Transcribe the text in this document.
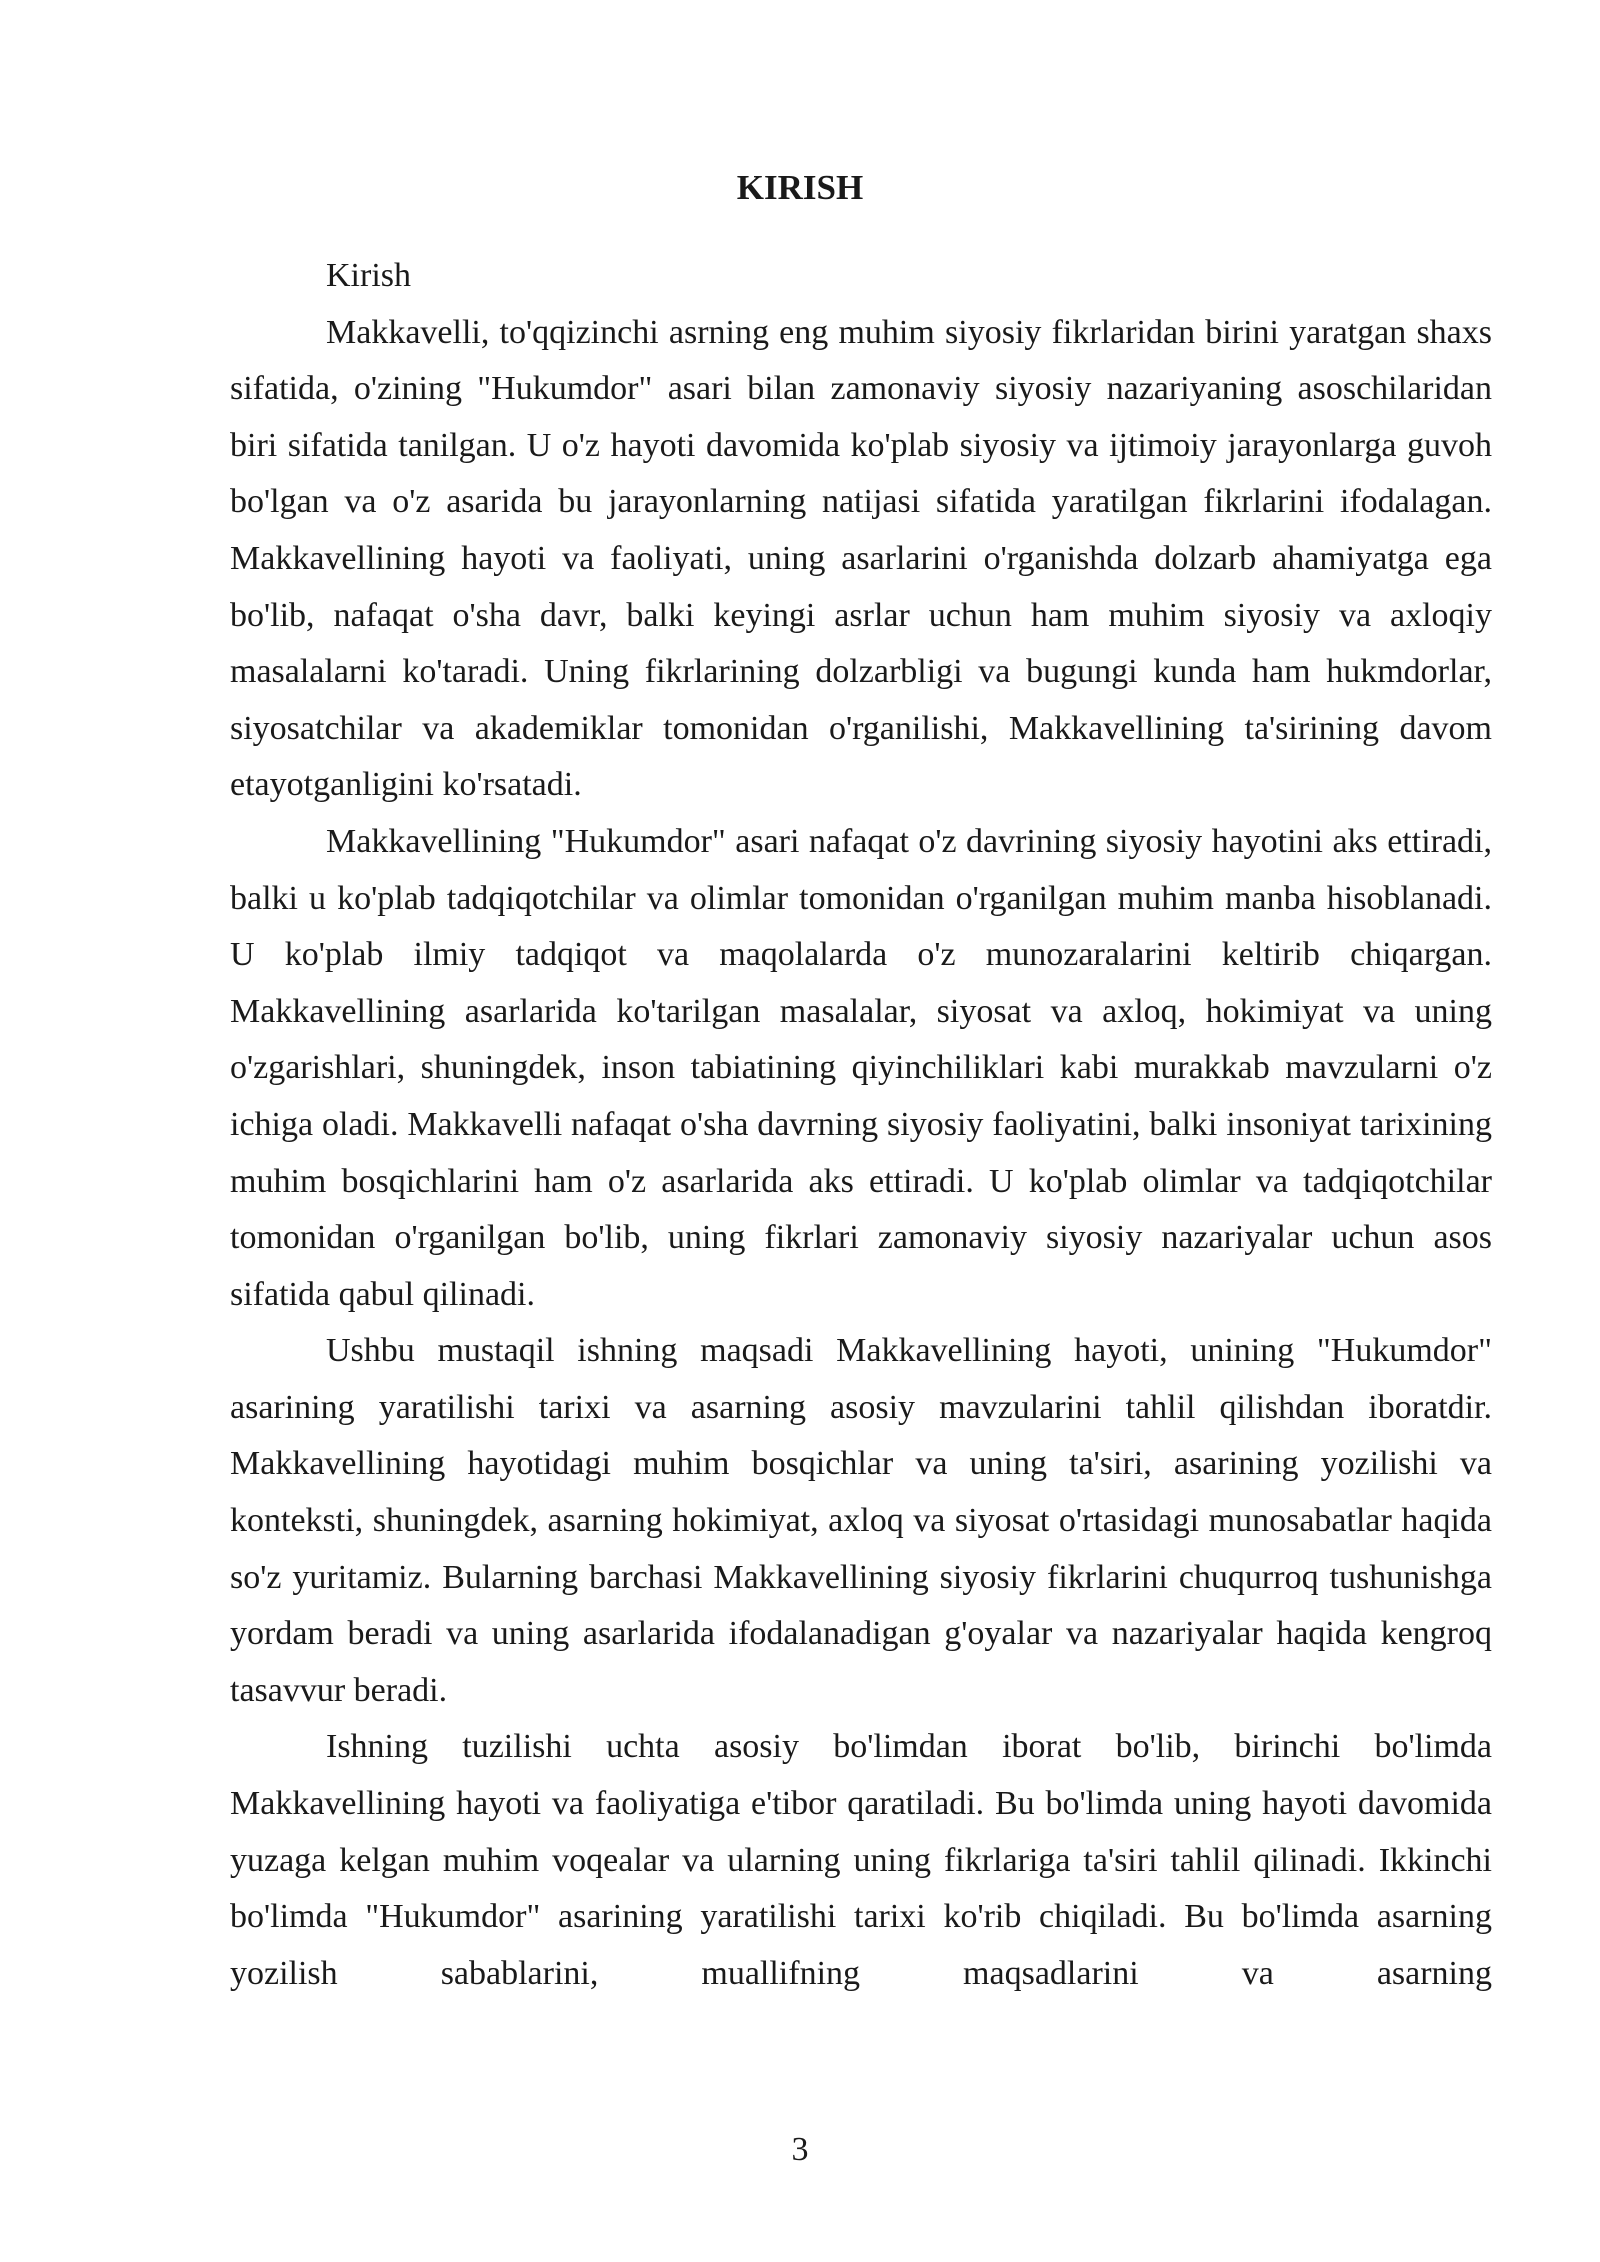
KIRISH

Kirish

Makkavelli, to'qqizinchi asrning eng muhim siyosiy fikrlaridan birini yaratgan shaxs sifatida, o'zining "Hukumdor" asari bilan zamonaviy siyosiy nazariyaning asoschilaridan biri sifatida tanilgan. U o'z hayoti davomida ko'plab siyosiy va ijtimoiy jarayonlarga guvoh bo'lgan va o'z asarida bu jarayonlarning natijasi sifatida yaratilgan fikrlarini ifodalagan. Makkavellining hayoti va faoliyati, uning asarlarini o'rganishda dolzarb ahamiyatga ega bo'lib, nafaqat o'sha davr, balki keyingi asrlar uchun ham muhim siyosiy va axloqiy masalalarni ko'taradi. Uning fikrlarining dolzarbligi va bugungi kunda ham hukmdorlar, siyosatchilar va akademiklar tomonidan o'rganilishi, Makkavellining ta'sirining davom etayotganligini ko'rsatadi.

Makkavellining "Hukumdor" asari nafaqat o'z davrining siyosiy hayotini aks ettiradi, balki u ko'plab tadqiqotchilar va olimlar tomonidan o'rganilgan muhim manba hisoblanadi. U ko'plab ilmiy tadqiqot va maqolalarda o'z munozaralarini keltirib chiqargan. Makkavellining asarlarida ko'tarilgan masalalar, siyosat va axloq, hokimiyat va uning o'zgarishlari, shuningdek, inson tabiatining qiyinchiliklari kabi murakkab mavzularni o'z ichiga oladi. Makkavelli nafaqat o'sha davrning siyosiy faoliyatini, balki insoniyat tarixining muhim bosqichlarini ham o'z asarlarida aks ettiradi. U ko'plab olimlar va tadqiqotchilar tomonidan o'rganilgan bo'lib, uning fikrlari zamonaviy siyosiy nazariyalar uchun asos sifatida qabul qilinadi.

Ushbu mustaqil ishning maqsadi Makkavellining hayoti, unining "Hukumdor" asarining yaratilishi tarixi va asarning asosiy mavzularini tahlil qilishdan iboratdir. Makkavellining hayotidagi muhim bosqichlar va uning ta'siri, asarining yozilishi va konteksti, shuningdek, asarning hokimiyat, axloq va siyosat o'rtasidagi munosabatlar haqida so'z yuritamiz. Bularning barchasi Makkavellining siyosiy fikrlarini chuqurroq tushunishga yordam beradi va uning asarlarida ifodalanadigan g'oyalar va nazariyalar haqida kengroq tasavvur beradi.

Ishning tuzilishi uchta asosiy bo'limdan iborat bo'lib, birinchi bo'limda Makkavellining hayoti va faoliyatiga e'tibor qaratiladi. Bu bo'limda uning hayoti davomida yuzaga kelgan muhim voqealar va ularning uning fikrlariga ta'siri tahlil qilinadi. Ikkinchi bo'limda "Hukumdor" asarining yaratilishi tarixi ko'rib chiqiladi. Bu bo'limda asarning yozilish sabablarini, muallifning maqsadlarini va asarning

3
